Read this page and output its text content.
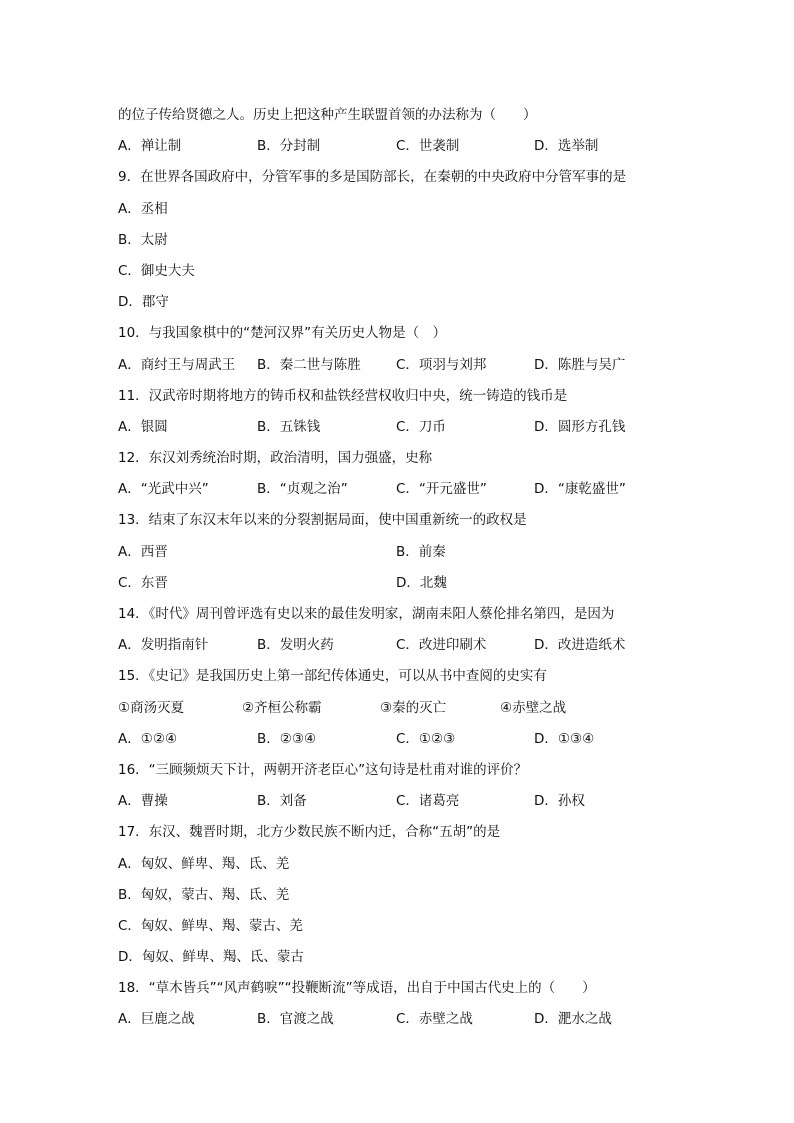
的位子传给贤德之人。历史上把这种产生联盟首领的办法称为（　　）
A．禅让制	B．分封制	C．世袭制	D．选举制
9．在世界各国政府中，分管军事的多是国防部长，在秦朝的中央政府中分管军事的是
A．丞相
B．太尉
C．御史大夫
D．郡守
10．与我国象棋中的“楚河汉界”有关历史人物是（　）
A．商纣王与周武王 B．秦二世与陈胜	C．项羽与刘邦	D．陈胜与吴广
11．汉武帝时期将地方的铸币权和盐铁经营权收归中央，统一铸造的钱币是
A．银圆	B．五铢钱	C．刀币	D．圆形方孔钱
12．东汉刘秀统治时期，政治清明，国力强盛，史称
A．“光武中兴”	B．“贞观之治”	C．“开元盛世”	D．“康乾盛世”
13．结束了东汉末年以来的分裂割据局面，使中国重新统一的政权是
A．西晋	B．前秦
C．东晋	D．北魏
14．《时代》周刊曾评选有史以来的最佳发明家，湖南耒阳人蔡伦排名第四，是因为
A．发明指南针	B．发明火药	C．改进印刷术	D．改进造纸术
15．《史记》是我国历史上第一部纪传体通史，可以从书中查阅的史实有
①商汤灭夏	②齐桓公称霸	③秦的灭亡	④赤壁之战
A．①②④	B．②③④	C．①②③	D．①③④
16．“三顾频烦天下计，两朝开济老臣心”这句诗是杜甫对谁的评价？
A．曹操	B．刘备	C．诸葛亮	D．孙权
17．东汉、魏晋时期，北方少数民族不断内迁，合称“五胡”的是
A．匈奴、鲜卑、羯、氐、羌
B．匈奴，蒙古、羯、氐、羌
C．匈奴、鲜卑、羯、蒙古、羌
D．匈奴、鲜卑、羯、氐、蒙古
18．“草木皆兵”“风声鹤唳”“投鞭断流”等成语，出自于中国古代史上的（　　）
A．巨鹿之战	B．官渡之战	C．赤壁之战	D．淝水之战
